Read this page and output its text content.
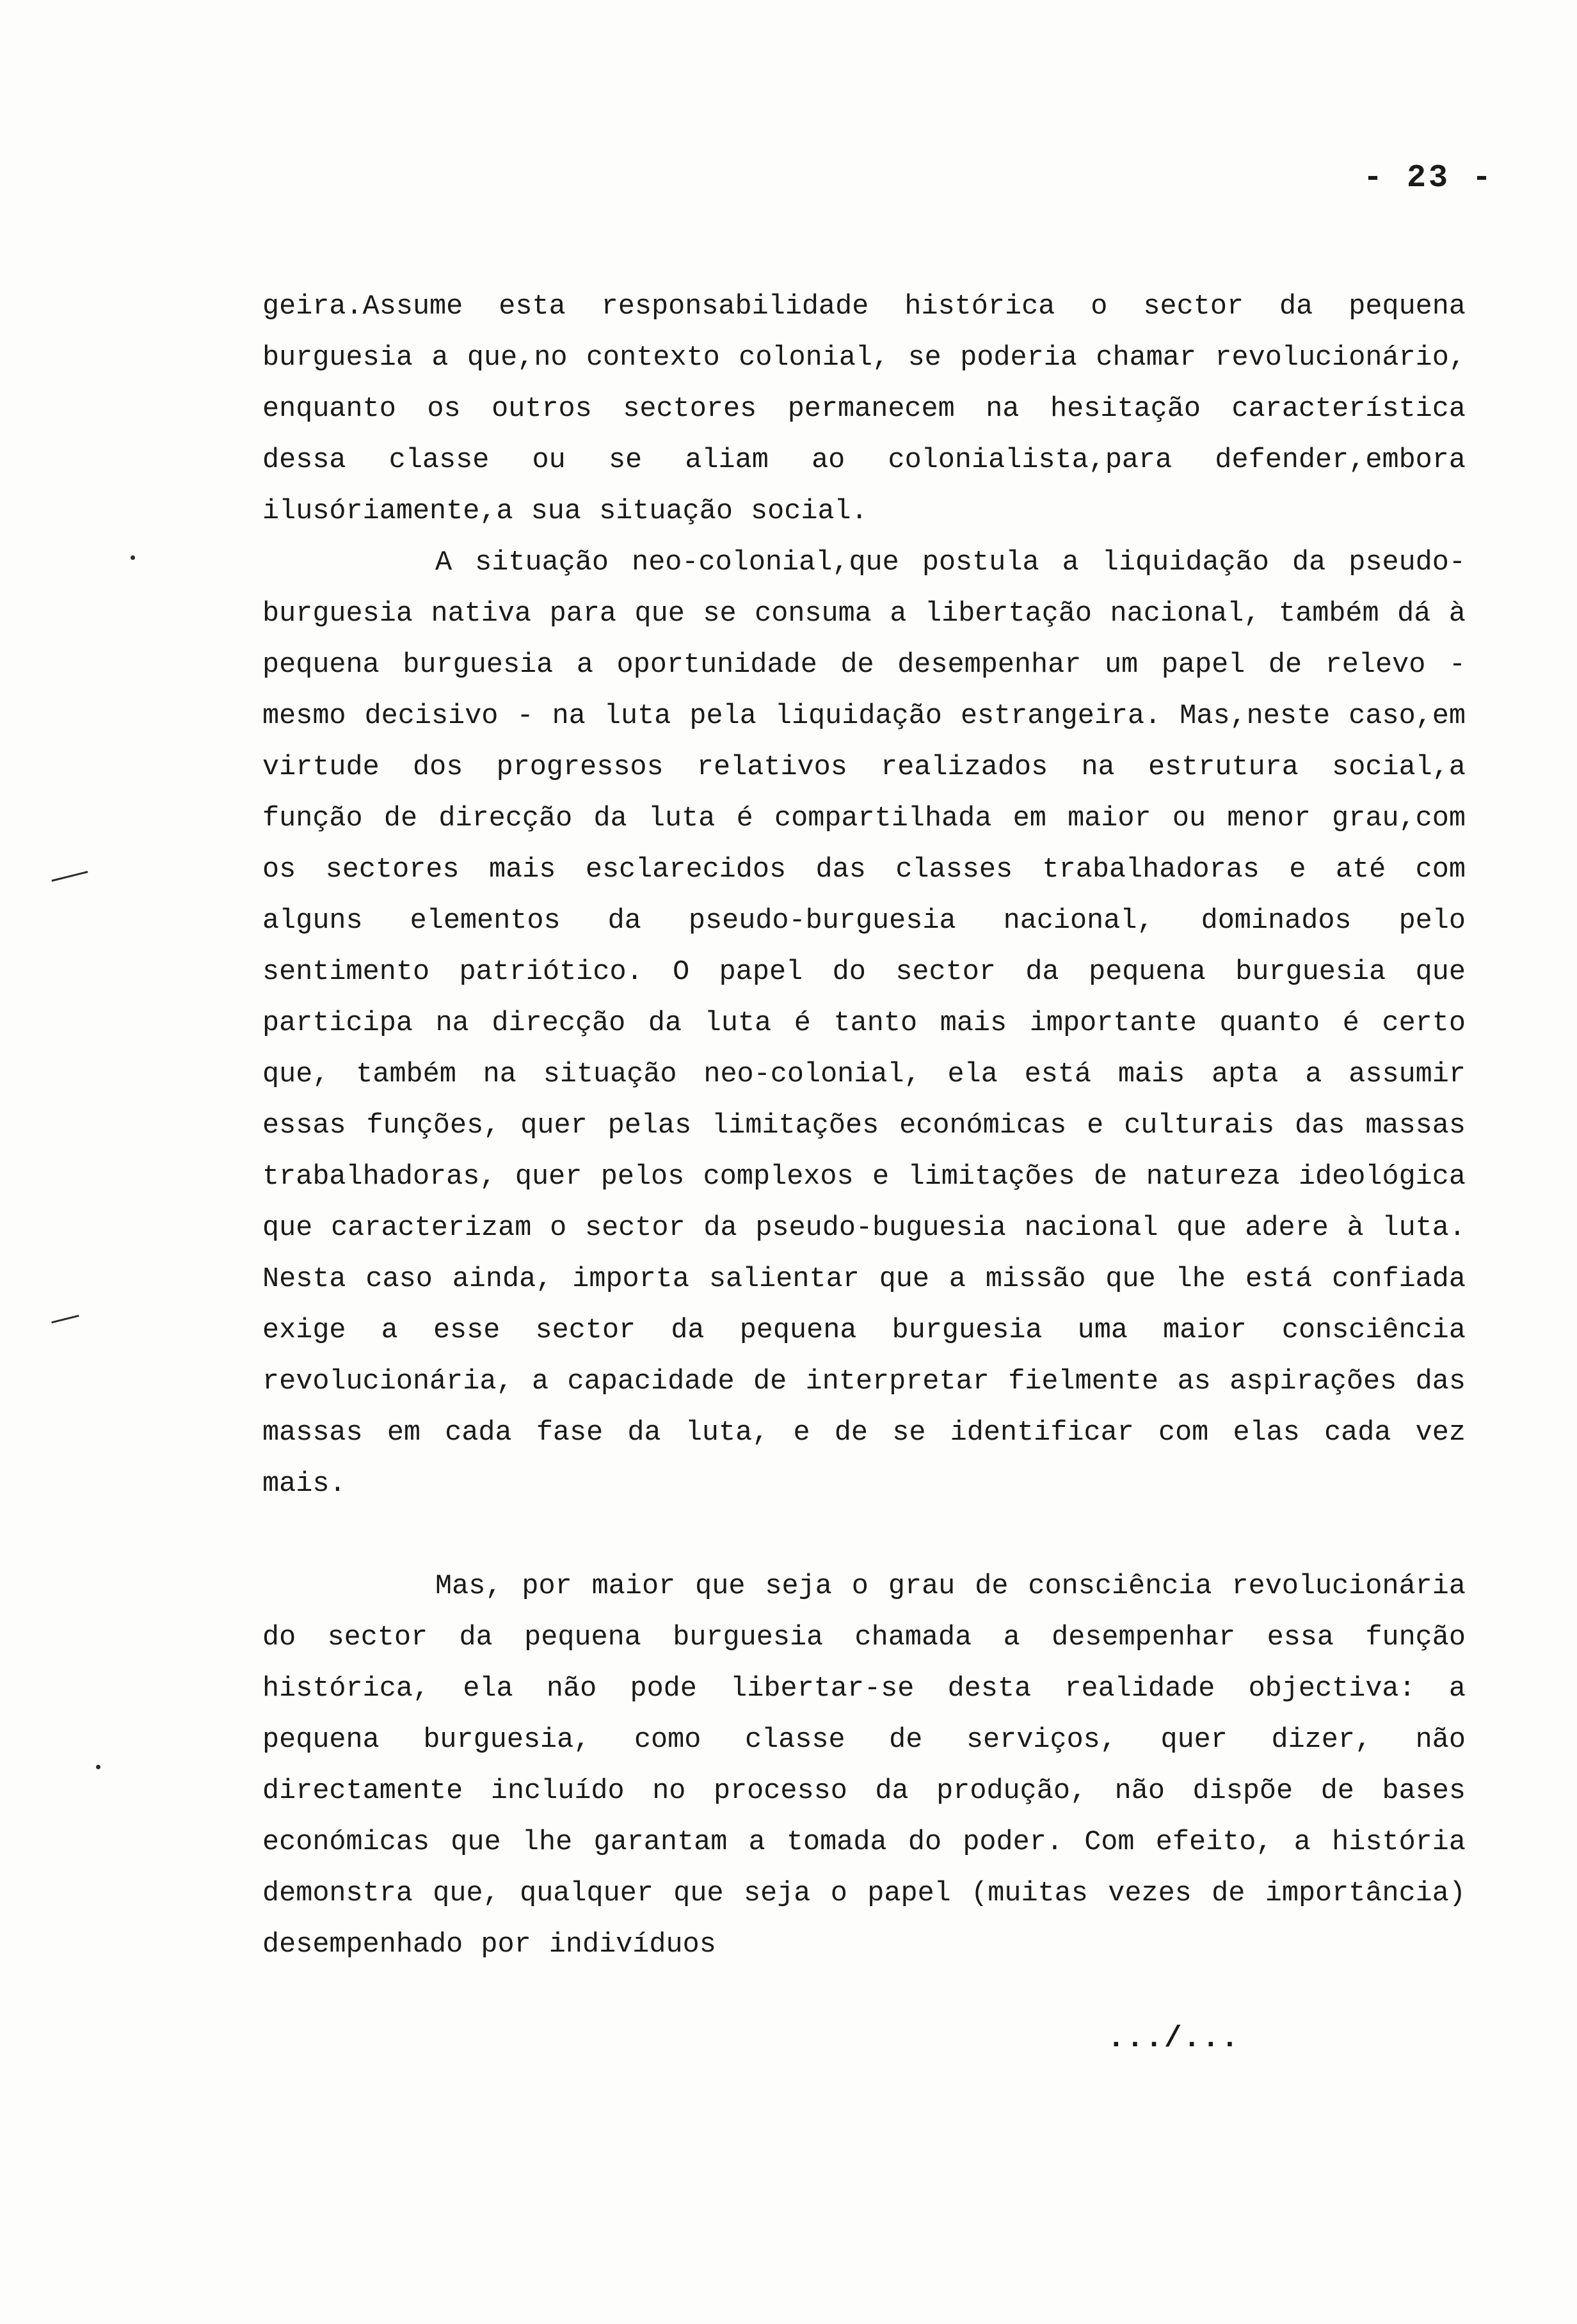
- 23 -

geira.Assume esta responsabilidade histórica o sector da pequena burguesia a que,no contexto colonial, se poderia chamar revolucionário, enquanto os outros sectores permanecem na hesitação característica dessa classe ou se aliam ao colonialista,para defender,embora ilusóriamente,a sua situação social.

A situação neo-colonial,que postula a liquidação da pseudo-burguesia nativa para que se consuma a libertação nacional, também dá à pequena burguesia a oportunidade de desempenhar um papel de relevo - mesmo decisivo - na luta pela liquidação estrangeira. Mas,neste caso,em virtude dos progressos relativos realizados na estrutura social,a função de direcção da luta é compartilhada em maior ou menor grau,com os sectores mais esclarecidos das classes trabalhadoras e até com alguns elementos da pseudo-burguesia nacional, dominados pelo sentimento patriótico. O papel do sector da pequena burguesia que participa na direcção da luta é tanto mais importante quanto é certo que, também na situação neo-colonial, ela está mais apta a assumir essas funções, quer pelas limitações económicas e culturais das massas trabalhadoras, quer pelos complexos e limitações de natureza ideológica que caracterizam o sector da pseudo-buguesia nacional que adere à luta. Nesta caso ainda, importa salientar que a missão que lhe está confiada exige a esse sector da pequena burguesia uma maior consciência revolucionária, a capacidade de interpretar fielmente as aspirações das massas em cada fase da luta, e de se identificar com elas cada vez mais.

Mas, por maior que seja o grau de consciência revolucionária do sector da pequena burguesia chamada a desempenhar essa função histórica, ela não pode libertar-se desta realidade objectiva: a pequena burguesia, como classe de serviços, quer dizer, não directamente incluído no processo da produção, não dispõe de bases económicas que lhe garantam a tomada do poder. Com efeito, a história demonstra que, qualquer que seja o papel (muitas vezes de importância) desempenhado por indivíduos

.../...
